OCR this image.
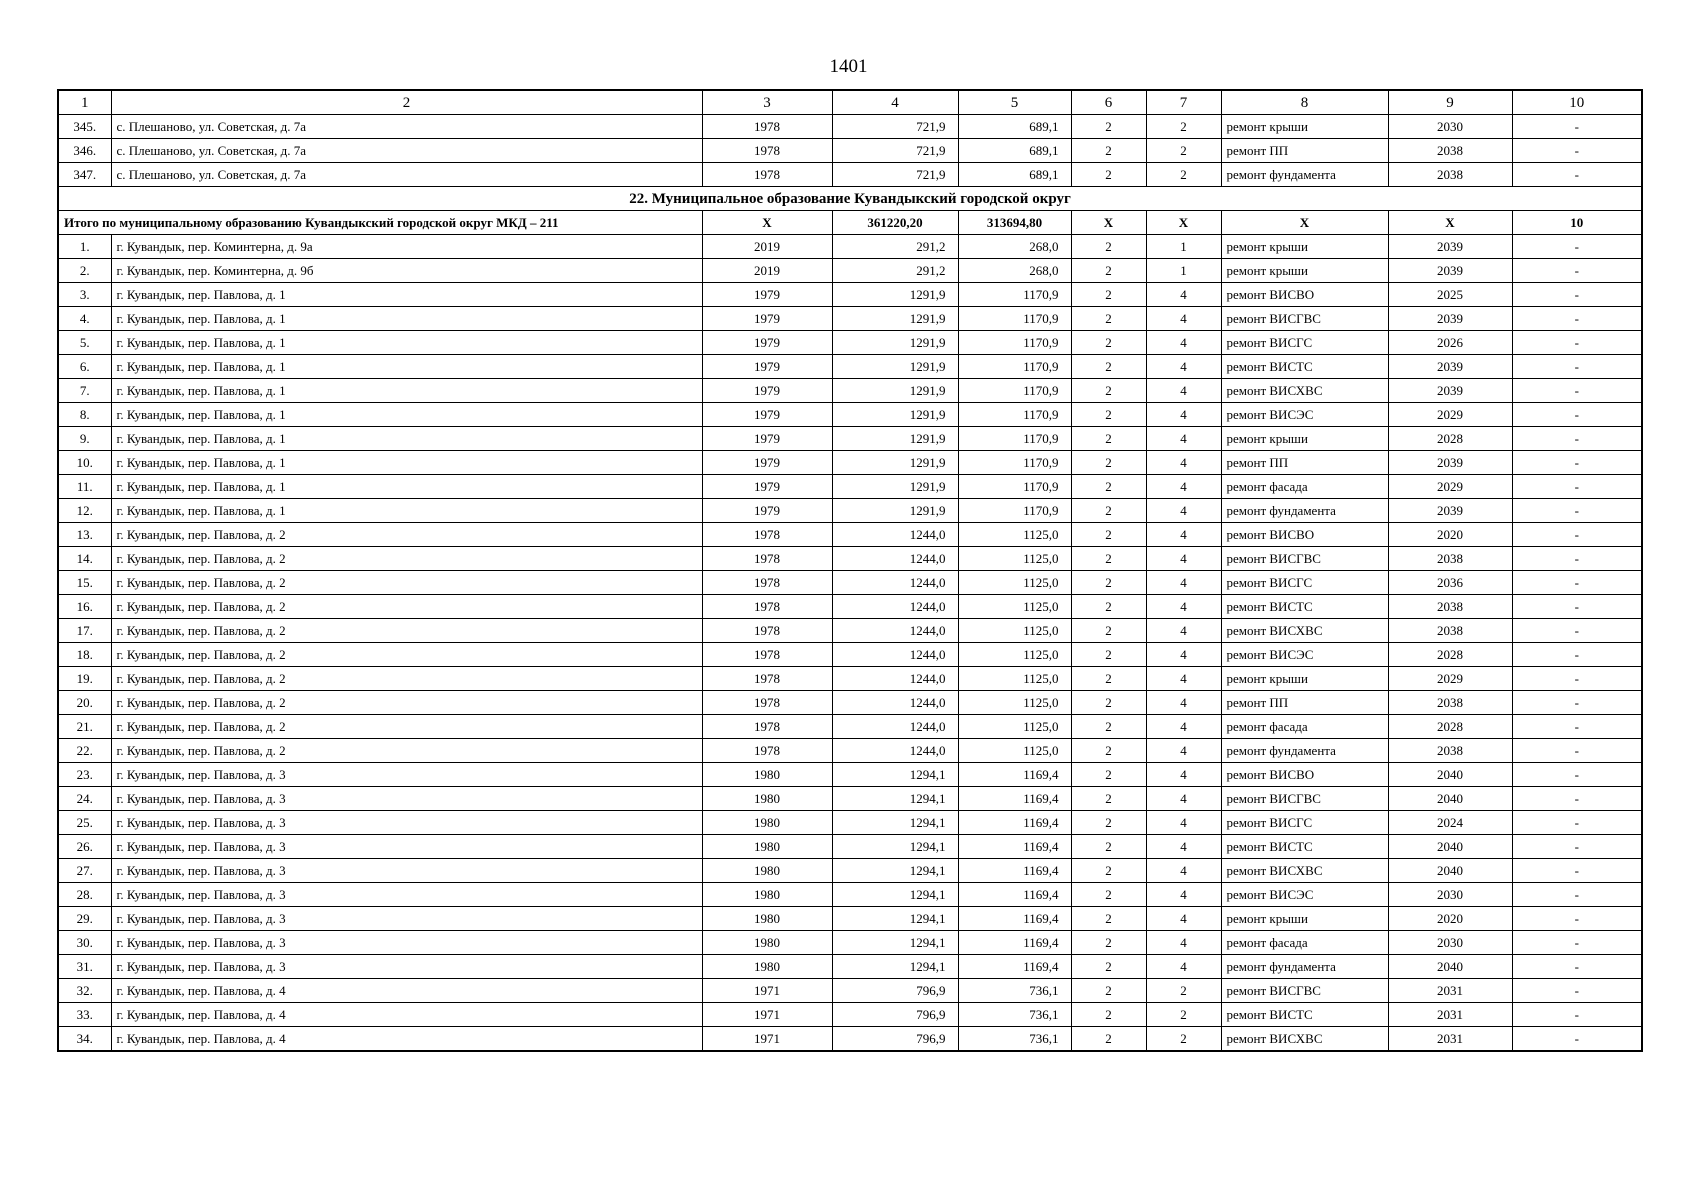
1401
1	2	3	4	5	6	7	8	9	10
345.	с. Плешаново, ул. Советская, д. 7а	1978	721,9	689,1	2	2	ремонт крыши	2030	-
346.	с. Плешаново, ул. Советская, д. 7а	1978	721,9	689,1	2	2	ремонт ПП	2038	-
347.	с. Плешаново, ул. Советская, д. 7а	1978	721,9	689,1	2	2	ремонт фундамента	2038	-
22. Муниципальное образование Кувандыкский городской округ									
Итого по муниципальному образованию Кувандыкский городской округ МКД – 211		Х	361220,20	313694,80	Х	Х	Х	Х	10
1.	г. Кувандык, пер. Коминтерна, д. 9а	2019	291,2	268,0	2	1	ремонт крыши	2039	-
2.	г. Кувандык, пер. Коминтерна, д. 9б	2019	291,2	268,0	2	1	ремонт крыши	2039	-
3.	г. Кувандык, пер. Павлова, д. 1	1979	1291,9	1170,9	2	4	ремонт ВИСВО	2025	-
4.	г. Кувандык, пер. Павлова, д. 1	1979	1291,9	1170,9	2	4	ремонт ВИСГВС	2039	-
5.	г. Кувандык, пер. Павлова, д. 1	1979	1291,9	1170,9	2	4	ремонт ВИСГС	2026	-
6.	г. Кувандык, пер. Павлова, д. 1	1979	1291,9	1170,9	2	4	ремонт ВИСТС	2039	-
7.	г. Кувандык, пер. Павлова, д. 1	1979	1291,9	1170,9	2	4	ремонт ВИСХВС	2039	-
8.	г. Кувандык, пер. Павлова, д. 1	1979	1291,9	1170,9	2	4	ремонт ВИСЭС	2029	-
9.	г. Кувандык, пер. Павлова, д. 1	1979	1291,9	1170,9	2	4	ремонт крыши	2028	-
10.	г. Кувандык, пер. Павлова, д. 1	1979	1291,9	1170,9	2	4	ремонт ПП	2039	-
11.	г. Кувандык, пер. Павлова, д. 1	1979	1291,9	1170,9	2	4	ремонт фасада	2029	-
12.	г. Кувандык, пер. Павлова, д. 1	1979	1291,9	1170,9	2	4	ремонт фундамента	2039	-
13.	г. Кувандык, пер. Павлова, д. 2	1978	1244,0	1125,0	2	4	ремонт ВИСВО	2020	-
14.	г. Кувандык, пер. Павлова, д. 2	1978	1244,0	1125,0	2	4	ремонт ВИСГВС	2038	-
15.	г. Кувандык, пер. Павлова, д. 2	1978	1244,0	1125,0	2	4	ремонт ВИСГС	2036	-
16.	г. Кувандык, пер. Павлова, д. 2	1978	1244,0	1125,0	2	4	ремонт ВИСТС	2038	-
17.	г. Кувандык, пер. Павлова, д. 2	1978	1244,0	1125,0	2	4	ремонт ВИСХВС	2038	-
18.	г. Кувандык, пер. Павлова, д. 2	1978	1244,0	1125,0	2	4	ремонт ВИСЭС	2028	-
19.	г. Кувандык, пер. Павлова, д. 2	1978	1244,0	1125,0	2	4	ремонт крыши	2029	-
20.	г. Кувандык, пер. Павлова, д. 2	1978	1244,0	1125,0	2	4	ремонт ПП	2038	-
21.	г. Кувандык, пер. Павлова, д. 2	1978	1244,0	1125,0	2	4	ремонт фасада	2028	-
22.	г. Кувандык, пер. Павлова, д. 2	1978	1244,0	1125,0	2	4	ремонт фундамента	2038	-
23.	г. Кувандык, пер. Павлова, д. 3	1980	1294,1	1169,4	2	4	ремонт ВИСВО	2040	-
24.	г. Кувандык, пер. Павлова, д. 3	1980	1294,1	1169,4	2	4	ремонт ВИСГВС	2040	-
25.	г. Кувандык, пер. Павлова, д. 3	1980	1294,1	1169,4	2	4	ремонт ВИСГС	2024	-
26.	г. Кувандык, пер. Павлова, д. 3	1980	1294,1	1169,4	2	4	ремонт ВИСТС	2040	-
27.	г. Кувандык, пер. Павлова, д. 3	1980	1294,1	1169,4	2	4	ремонт ВИСХВС	2040	-
28.	г. Кувандык, пер. Павлова, д. 3	1980	1294,1	1169,4	2	4	ремонт ВИСЭС	2030	-
29.	г. Кувандык, пер. Павлова, д. 3	1980	1294,1	1169,4	2	4	ремонт крыши	2020	-
30.	г. Кувандык, пер. Павлова, д. 3	1980	1294,1	1169,4	2	4	ремонт фасада	2030	-
31.	г. Кувандык, пер. Павлова, д. 3	1980	1294,1	1169,4	2	4	ремонт фундамента	2040	-
32.	г. Кувандык, пер. Павлова, д. 4	1971	796,9	736,1	2	2	ремонт ВИСГВС	2031	-
33.	г. Кувандык, пер. Павлова, д. 4	1971	796,9	736,1	2	2	ремонт ВИСТС	2031	-
34.	г. Кувандык, пер. Павлова, д. 4	1971	796,9	736,1	2	2	ремонт ВИСХВС	2031	-
